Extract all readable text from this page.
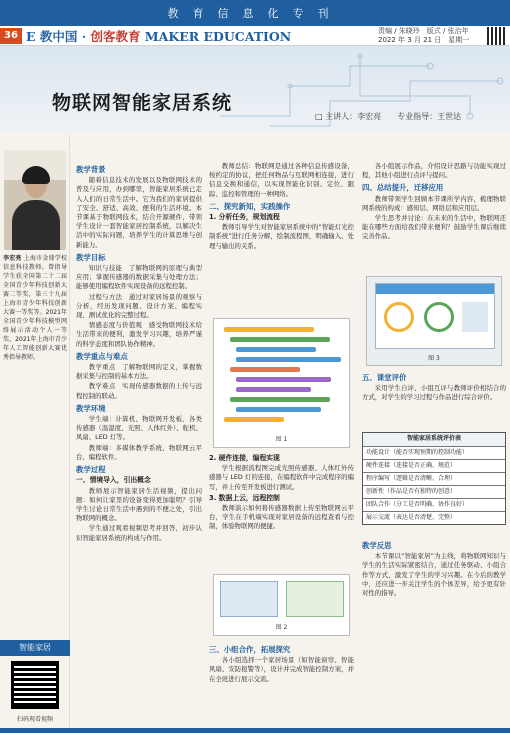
教育信息化专刊
36 E 教中国 · 创客教育 MAKER EDUCATION	责编 / 朱晓玲　版式 / 张治年
2022 年 3 月 21 日　星期一
物联网智能家居系统
□ 主讲人：李宏亮　　专业指导：王世达
李宏亮 上海市金鼎学校信息科技教师。曾指导学生获全国第二十二届全国青少年科技创新大赛二等奖，第三十九届上海市青少年科技创新大赛一等奖等。2021年全国青少年科技模型网络展示活动个人一等奖，2021年上海市青少年人工智能创新大赛优秀指导教师。
智能家居
扫码观看视频
教学背景

随着信息技术的发展以及物联网技术的普及与应用，办到哪里，智能家居系统已走入人们的日常生活中。它为我们的家居提供了安全、舒适、高效、便利的生活环境。本节课基于物联网技术，结合开源硬件，带领学生设计一套智能家居控制系统，以解决生活中的实际问题，培养学生的计算思维与创新能力。

教学目标

知识与技能　了解物联网的原理与典型应用；掌握传感器的数据采集与处理方法；能够使用编程软件实现设备的远程控制。

过程与方法　通过对家居场景的观察与分析，经历发现问题、设计方案、编程实现、测试优化的完整过程。

情感态度与价值观　感受物联网技术给生活带来的便利，激发学习兴趣，培养严谨的科学态度和团队协作精神。

教学重点与难点

教学重点　了解物联网的定义，掌握数据采集与控制的基本方法。

教学难点　实现传感器数据的上传与远程控制的联动。

教学环境

学生端：计算机、物联网开发板、各类传感器（温湿度、光照、人体红外）、舵机、风扇、LED 灯等。

教师端：多媒体教学系统、物联网云平台、编程软件。

教学过程
一、情境导入，引出概念

教师展示智能家居生活视频，提出问题：如何让家里的设备变得更加聪明？引导学生讨论日常生活中遇到的不便之处，引出物联网的概念。

学生通过观看视频思考并回答，初步认识智能家居系统的构成与作用。

教师总结：物联网是通过各种信息传感设备，按约定的协议，把任何物品与互联网相连接，进行信息交换和通信，以实现智能化识别、定位、跟踪、监控和管理的一种网络。

二、探究新知，实践操作
1. 分析任务，规划流程

教师引导学生对智能家居系统中的“智能灯光控制系统”进行任务分解，绘制流程图，明确输入、处理与输出的关系。

图 1
2. 硬件连接，编程实现

学生根据流程图完成光照传感器、人体红外传感器与 LED 灯的连接，在编程软件中完成程序的编写，并上传至开发板进行测试。

3. 数据上云，远程控制

教师演示如何将传感器数据上传至物联网云平台，学生在手机端实现对家居设备的远程查看与控制，体验物联网的便捷。

图 2
三、小组合作，拓展探究

各小组选择一个家居场景（如智能窗帘、智能风扇、安防报警等），设计并完成智能控制方案，并在全班进行展示交流。

各小组展示作品，介绍设计思路与功能实现过程，其他小组进行点评与提问。

四、总结提升，迁移应用

教师带领学生回顾本节课所学内容，梳理物联网系统的构成：感知层、网络层和应用层。

学生思考并讨论：在未来的生活中，物联网还能在哪些方面给我们带来便利？鼓励学生课后继续完善作品。

图 3
五、课堂评价

采用学生自评、小组互评与教师评价相结合的方式，对学生的学习过程与作品进行综合评价。

智能家居系统评价表
功能设计（能否实现预期的控制功能）
硬件连接（连接是否正确、规范）
程序编写（逻辑是否清晰、合理）
创新性（作品是否有独特的创意）
团队合作（分工是否明确、协作良好）
展示交流（表达是否清楚、完整）
教学反思

本节课以“智能家居”为主线，将物联网知识与学生的生活实际紧密结合，通过任务驱动、小组合作等方式，激发了学生的学习兴趣。在今后的教学中，还应进一步关注学生的个体差异，给予更有针对性的指导。
